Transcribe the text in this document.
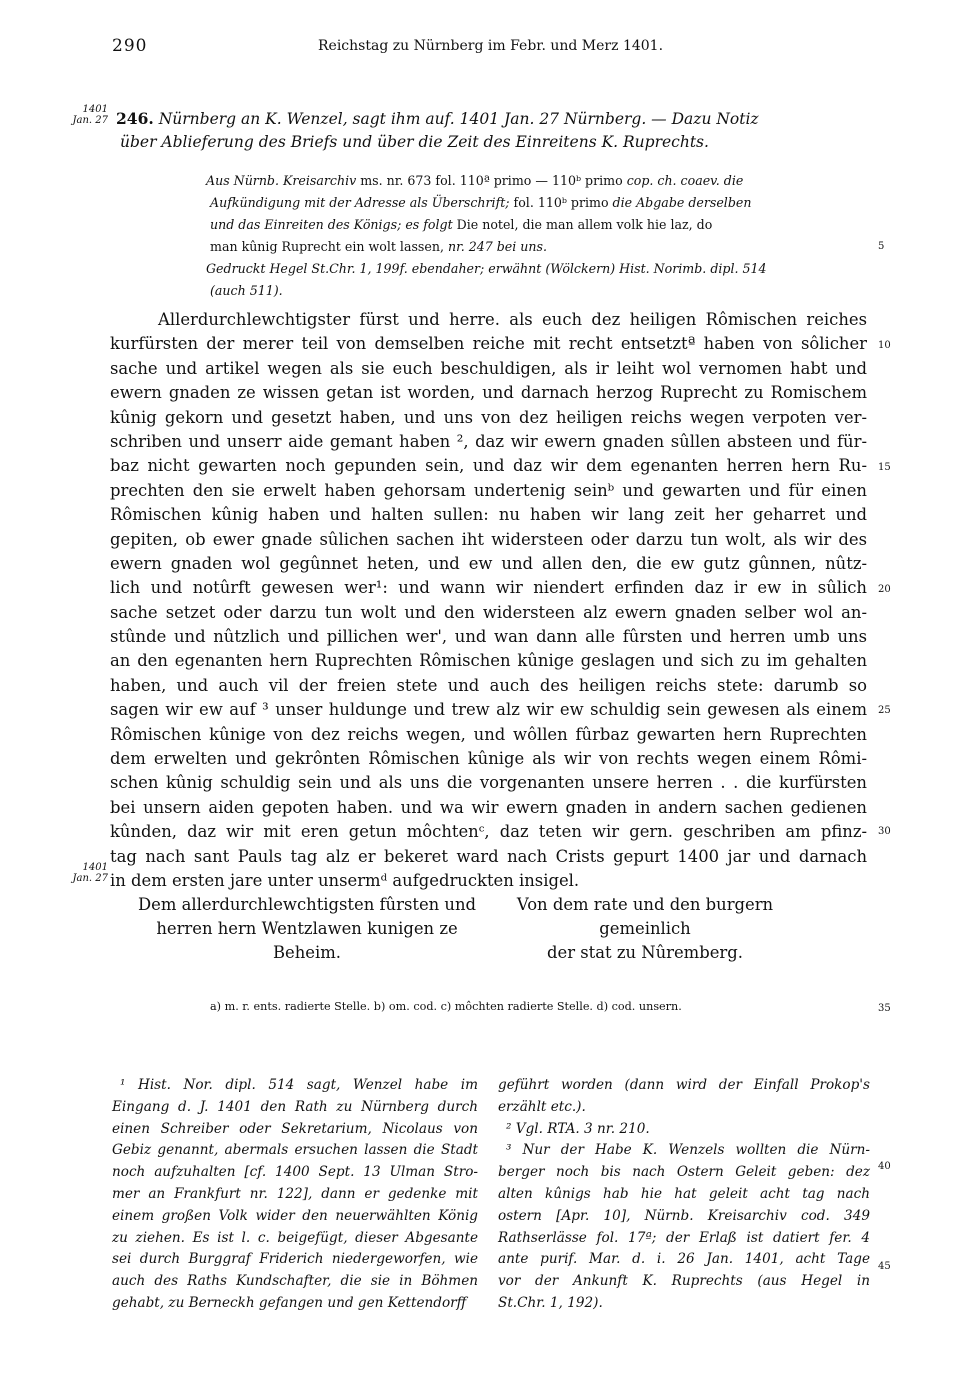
290	Reichstag zu Nürnberg im Febr. und Merz 1401.
1401
Jan. 27
1401
Jan. 27
246. Nürnberg an K. Wenzel, sagt ihm auf. 1401 Jan. 27 Nürnberg. — Dazu Notiz
über Ablieferung des Briefs und über die Zeit des Einreitens K. Ruprechts.

Aus Nürnb. Kreisarchiv ms. nr. 673 fol. 110ª primo — 110ᵇ primo cop. ch. coaev. die

Aufkündigung mit der Adresse als Überschrift; fol. 110ᵇ primo die Abgabe derselben

und das Einreiten des Königs; es folgt Die notel, die man allem volk hie laz, do

man kûnig Ruprecht ein wolt lassen, nr. 247 bei uns.

Gedruckt Hegel St.Chr. 1, 199f. ebendaher; erwähnt (Wölckern) Hist. Norimb. dipl. 514

(auch 511).

5
10
15
20
25
30
35
40
45
Allerdurchlewchtigster fürst und herre. als euch dez heiligen Rômischen reiches
kurfürsten der merer teil von demselben reiche mit recht entsetztª haben von sôlicher
sache und artikel wegen als sie euch beschuldigen, als ir leiht wol vernomen habt und
ewern gnaden ze wissen getan ist worden, und darnach herzog Ruprecht zu Romischem
kûnig gekorn und gesetzt haben, und uns von dez heiligen reichs wegen verpoten ver-
schriben und unserr aide gemant haben ², daz wir ewern gnaden sûllen absteen und für-
baz nicht gewarten noch gepunden sein, und daz wir dem egenanten herren hern Ru-
prechten den sie erwelt haben gehorsam undertenig seinᵇ und gewarten und für einen
Rômischen kûnig haben und halten sullen: nu haben wir lang zeit her geharret und
gepiten, ob ewer gnade sûlichen sachen iht widersteen oder darzu tun wolt, als wir des
ewern gnaden wol gegûnnet heten, und ew und allen den, die ew gutz gûnnen, nûtz-
lich und notûrft gewesen wer¹: und wann wir niendert erfinden daz ir ew in sûlich
sache setzet oder darzu tun wolt und den widersteen alz ewern gnaden selber wol an-
stûnde und nûtzlich und pillichen wer', und wan dann alle fûrsten und herren umb uns
an den egenanten hern Ruprechten Rômischen kûnige geslagen und sich zu im gehalten
haben, und auch vil der freien stete und auch des heiligen reichs stete: darumb so
sagen wir ew auf ³ unser huldunge und trew alz wir ew schuldig sein gewesen als einem
Rômischen kûnige von dez reichs wegen, und wôllen fûrbaz gewarten hern Ruprechten
dem erwelten und gekrônten Rômischen kûnige als wir von rechts wegen einem Rômi-
schen kûnig schuldig sein und als uns die vorgenanten unsere herren . . die kurfürsten
bei unsern aiden gepoten haben. und wa wir ewern gnaden in andern sachen gedienen
kûnden, daz wir mit eren getun môchtenᶜ, daz teten wir gern. geschriben am pfinz-
tag nach sant Pauls tag alz er bekeret ward nach Crists gepurt 1400 jar und darnach
in dem ersten jare unter unsermᵈ aufgedruckten insigel.
Dem allerdurchlewchtigsten fûrsten und
herren hern Wentzlawen kunigen ze Beheim.
Von dem rate und den burgern gemeinlich
der stat zu Nûremberg.
a) m. r. ents. radierte Stelle. b) om. cod. c) môchten radierte Stelle. d) cod. unsern.
¹ Hist. Nor. dipl. 514 sagt, Wenzel habe im
Eingang d. J. 1401 den Rath zu Nürnberg durch
einen Schreiber oder Sekretarium, Nicolaus von
Gebiz genannt, abermals ersuchen lassen die Stadt
noch aufzuhalten [cf. 1400 Sept. 13 Ulman Stro-
mer an Frankfurt nr. 122], dann er gedenke mit
einem großen Volk wider den neuerwählten König
zu ziehen. Es ist l. c. beigefügt, dieser Abgesante
sei durch Burggraf Friderich niedergeworfen, wie
auch des Raths Kundschafter, die sie in Böhmen
gehabt, zu Berneckh gefangen und gen Kettendorff
geführt worden (dann wird der Einfall Prokop's
erzählt etc.).
² Vgl. RTA. 3 nr. 210.
³ Nur der Habe K. Wenzels wollten die Nürn-
berger noch bis nach Ostern Geleit geben: dez
alten kûnigs hab hie hat geleit acht tag nach
ostern [Apr. 10], Nürnb. Kreisarchiv cod. 349
Rathserlässe fol. 17ª; der Erlaß ist datiert fer. 4
ante purif. Mar. d. i. 26 Jan. 1401, acht Tage
vor der Ankunft K. Ruprechts (aus Hegel in
St.Chr. 1, 192).
